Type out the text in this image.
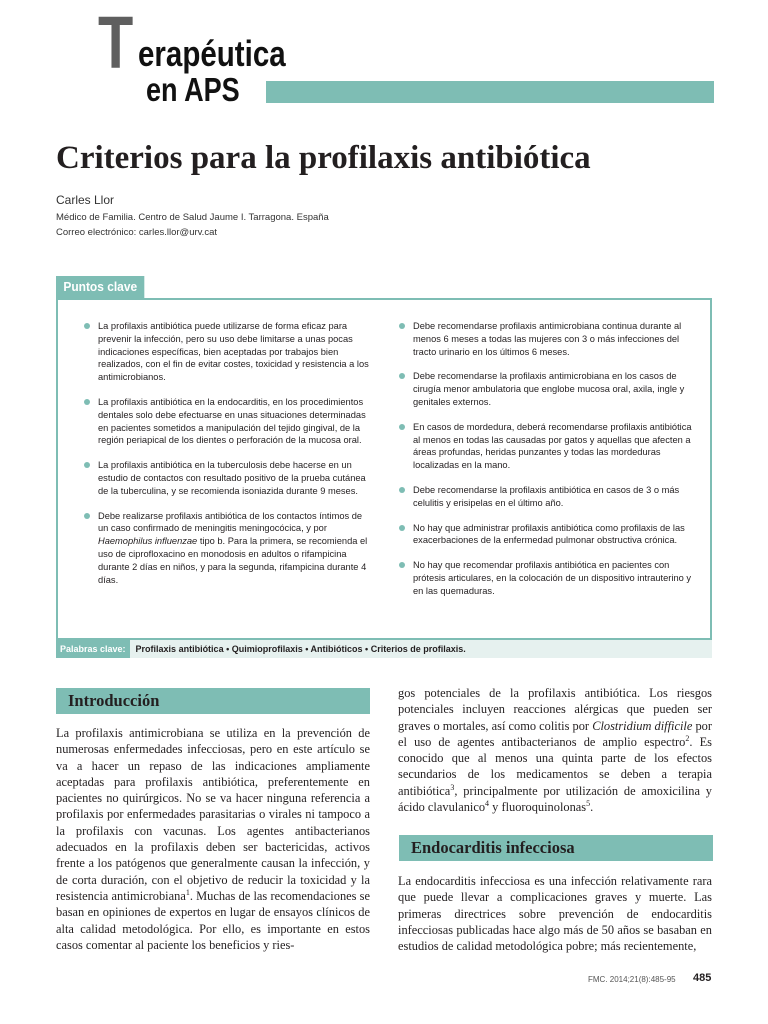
T erapéutica
en APS
Criterios para la profilaxis antibiótica
Carles Llor
Médico de Familia. Centro de Salud Jaume I. Tarragona. España
Correo electrónico: carles.llor@urv.cat
Puntos clave
La profilaxis antibiótica puede utilizarse de forma eficaz para prevenir la infección, pero su uso debe limitarse a unas pocas indicaciones específicas, bien aceptadas por trabajos bien realizados, con el fin de evitar costes, toxicidad y resistencia a los antimicrobianos.
La profilaxis antibiótica en la endocarditis, en los procedimientos dentales solo debe efectuarse en unas situaciones determinadas en pacientes sometidos a manipulación del tejido gingival, de la región periapical de los dientes o perforación de la mucosa oral.
La profilaxis antibiótica en la tuberculosis debe hacerse en un estudio de contactos con resultado positivo de la prueba cutánea de la tuberculina, y se recomienda isoniazida durante 9 meses.
Debe realizarse profilaxis antibiótica de los contactos íntimos de un caso confirmado de meningitis meningocócica, y por Haemophilus influenzae tipo b. Para la primera, se recomienda el uso de ciprofloxacino en monodosis en adultos o rifampicina durante 2 días en niños, y para la segunda, rifampicina durante 4 días.
Debe recomendarse profilaxis antimicrobiana continua durante al menos 6 meses a todas las mujeres con 3 o más infecciones del tracto urinario en los últimos 6 meses.
Debe recomendarse la profilaxis antimicrobiana en los casos de cirugía menor ambulatoria que englobe mucosa oral, axila, ingle y genitales externos.
En casos de mordedura, deberá recomendarse profilaxis antibiótica al menos en todas las causadas por gatos y aquellas que afecten a áreas profundas, heridas punzantes y todas las mordeduras localizadas en la mano.
Debe recomendarse la profilaxis antibiótica en casos de 3 o más celulitis y erisipelas en el último año.
No hay que administrar profilaxis antibiótica como profilaxis de las exacerbaciones de la enfermedad pulmonar obstructiva crónica.
No hay que recomendar profilaxis antibiótica en pacientes con prótesis articulares, en la colocación de un dispositivo intrauterino y en las quemaduras.
Palabras clave: Profilaxis antibiótica • Quimioprofilaxis • Antibióticos • Criterios de profilaxis.
Introducción
La profilaxis antimicrobiana se utiliza en la prevención de numerosas enfermedades infecciosas, pero en este artículo se va a hacer un repaso de las indicaciones ampliamente aceptadas para profilaxis antibiótica, preferentemente en pacientes no quirúrgicos. No se va hacer ninguna referencia a profilaxis por enfermedades parasitarias o virales ni tampoco a la profilaxis con vacunas. Los agentes antibacterianos adecuados en la profilaxis deben ser bactericidas, activos frente a los patógenos que generalmente causan la infección, y de corta duración, con el objetivo de reducir la toxicidad y la resistencia antimicrobiana$^1$. Muchas de las recomendaciones se basan en opiniones de expertos en lugar de ensayos clínicos de alta calidad metodológica. Por ello, es importante en estos casos comentar al paciente los beneficios y ries-
gos potenciales de la profilaxis antibiótica. Los riesgos potenciales incluyen reacciones alérgicas que pueden ser graves o mortales, así como colitis por Clostridium difficile por el uso de agentes antibacterianos de amplio espectro$^2$. Es conocido que al menos una quinta parte de los efectos secundarios de los medicamentos se deben a terapia antibiótica$^3$, principalmente por utilización de amoxicilina y ácido clavulanico$^4$ y fluoroquinolonas$^5$.
Endocarditis infecciosa
La endocarditis infecciosa es una infección relativamente rara que puede llevar a complicaciones graves y muerte. Las primeras directrices sobre prevención de endocarditis infecciosas publicadas hace algo más de 50 años se basaban en estudios de calidad metodológica pobre; más recientemente,
FMC. 2014;21(8):485-95 485
